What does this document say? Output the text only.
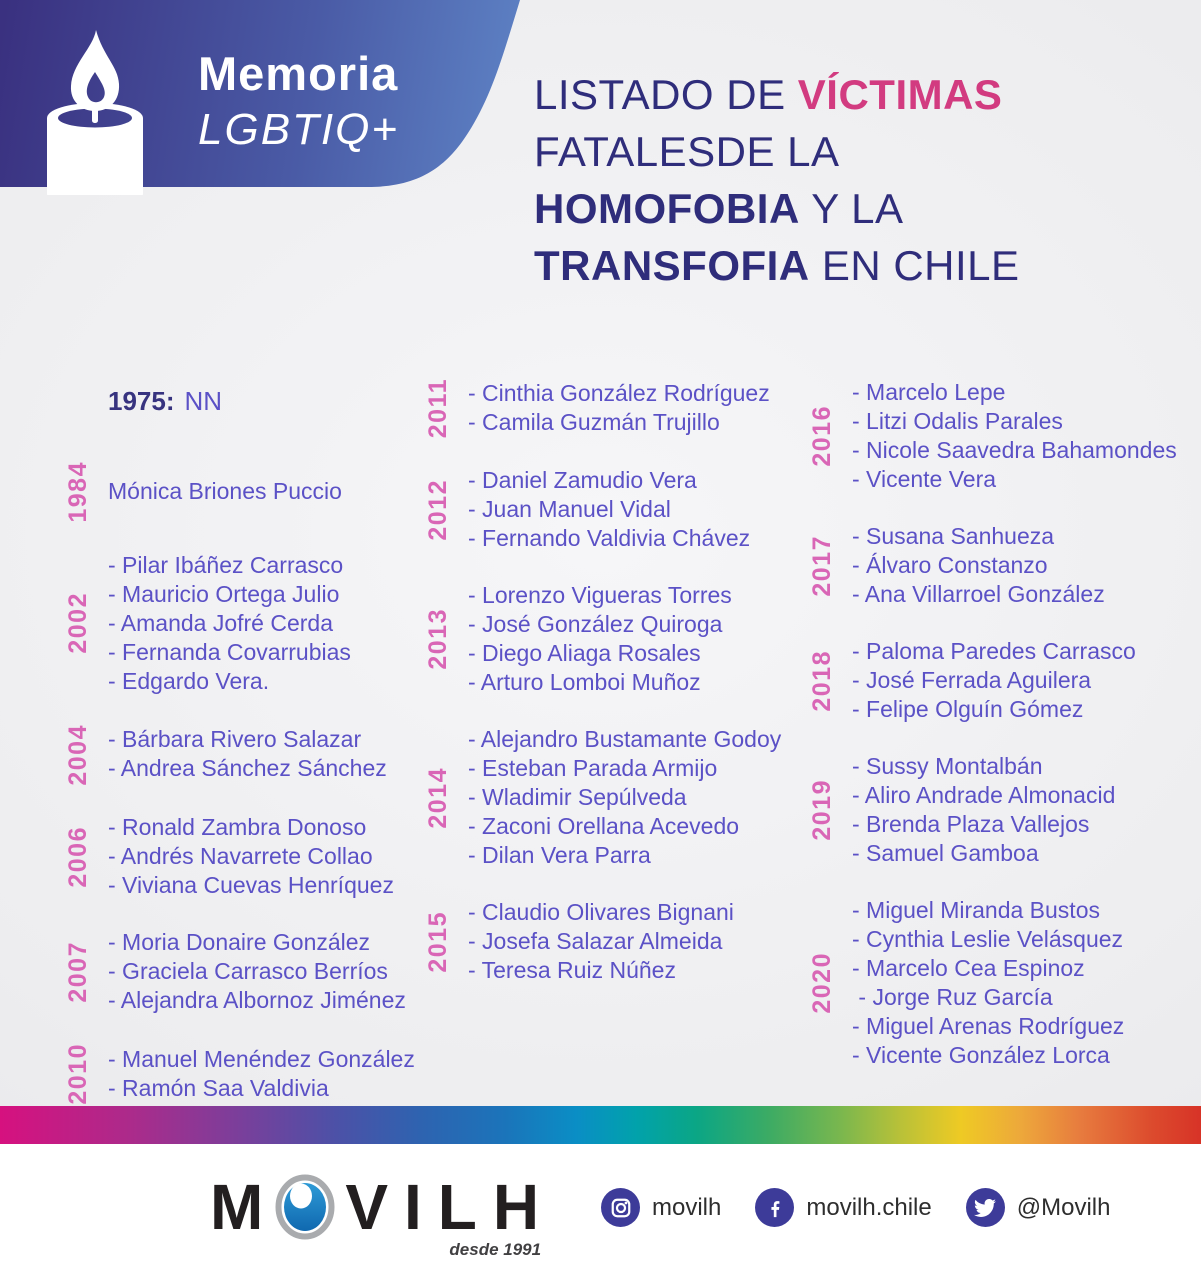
Memoria
LGBTIQ+
LISTADO DE VÍCTIMAS
FATALESDE LA
HOMOFOBIA Y LA
TRANSFOFIA EN CHILE
1975: NN
1984 Mónica Briones Puccio
2002
- Pilar Ibáñez Carrasco
- Mauricio Ortega Julio
- Amanda Jofré Cerda
- Fernanda Covarrubias
- Edgardo Vera.
2004 - Bárbara Rivero Salazar
- Andrea Sánchez Sánchez
2006 - Ronald Zambra Donoso
- Andrés Navarrete Collao
- Viviana Cuevas Henríquez
2007 - Moria Donaire González
- Graciela Carrasco Berríos
- Alejandra Albornoz Jiménez
2010 - Manuel Menéndez González
- Ramón Saa Valdivia
2011 - Cinthia González Rodríguez
- Camila Guzmán Trujillo
2012 - Daniel Zamudio Vera
- Juan Manuel Vidal
- Fernando Valdivia Chávez
2013
- Lorenzo Vigueras Torres
- José González Quiroga
- Diego Aliaga Rosales
- Arturo Lomboi Muñoz
2014
- Alejandro Bustamante Godoy
- Esteban Parada Armijo
- Wladimir Sepúlveda
- Zaconi Orellana Acevedo
- Dilan Vera Parra
2015 - Claudio Olivares Bignani
- Josefa Salazar Almeida
- Teresa Ruiz Núñez
2016
- Marcelo Lepe
- Litzi Odalis Parales
- Nicole Saavedra Bahamondes
- Vicente Vera
2017 - Susana Sanhueza
- Álvaro Constanzo
- Ana Villarroel González
2018 - Paloma Paredes Carrasco
- José Ferrada Aguilera
- Felipe Olguín Gómez
2019
- Sussy Montalbán
- Aliro Andrade Almonacid
- Brenda Plaza Vallejos
- Samuel Gamboa
2020
- Miguel Miranda Bustos
- Cynthia Leslie Velásquez
- Marcelo Cea Espinoz
- Jorge Ruz García
- Miguel Arenas Rodríguez
- Vicente González Lorca
M VILH
desde 1991
movilh	movilh.chile	@Movilh
